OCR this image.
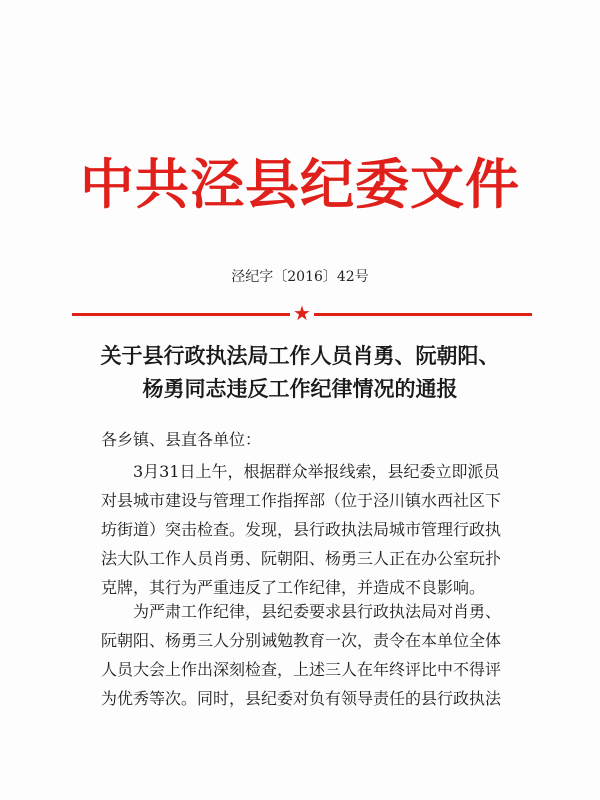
中共泾县纪委文件
泾纪字〔2016〕42号
★
关于县行政执法局工作人员肖勇、阮朝阳、
杨勇同志违反工作纪律情况的通报
各乡镇、县直各单位：
3月31日上午，根据群众举报线索，县纪委立即派员
对县城市建设与管理工作指挥部（位于泾川镇水西社区下
坊街道）突击检查。发现，县行政执法局城市管理行政执
法大队工作人员肖勇、阮朝阳、杨勇三人正在办公室玩扑
克牌，其行为严重违反了工作纪律，并造成不良影响。
为严肃工作纪律，县纪委要求县行政执法局对肖勇、
阮朝阳、杨勇三人分别诫勉教育一次，责令在本单位全体
人员大会上作出深刻检查，上述三人在年终评比中不得评
为优秀等次。同时，县纪委对负有领导责任的县行政执法
